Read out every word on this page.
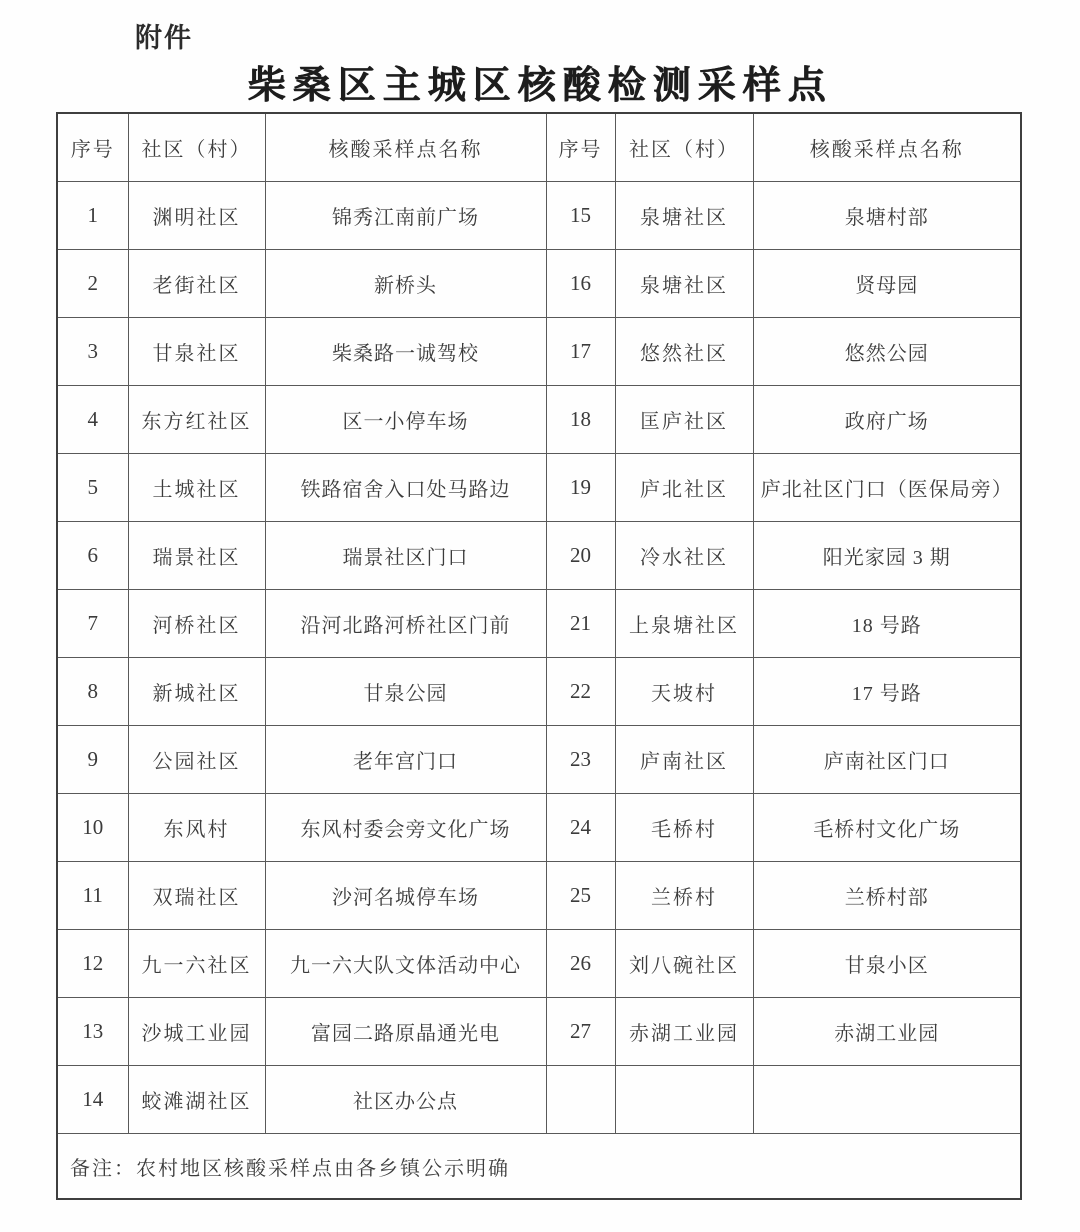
附件
柴桑区主城区核酸检测采样点
序号	社区（村）	核酸采样点名称	序号	社区（村）	核酸采样点名称
1	渊明社区	锦秀江南前广场	15	泉塘社区	泉塘村部
2	老街社区	新桥头	16	泉塘社区	贤母园
3	甘泉社区	柴桑路一诚驾校	17	悠然社区	悠然公园
4	东方红社区	区一小停车场	18	匡庐社区	政府广场
5	土城社区	铁路宿舍入口处马路边	19	庐北社区	庐北社区门口（医保局旁）
6	瑞景社区	瑞景社区门口	20	冷水社区	阳光家园 3 期
7	河桥社区	沿河北路河桥社区门前	21	上泉塘社区	18 号路
8	新城社区	甘泉公园	22	天坡村	17 号路
9	公园社区	老年宫门口	23	庐南社区	庐南社区门口
10	东风村	东风村委会旁文化广场	24	毛桥村	毛桥村文化广场
11	双瑞社区	沙河名城停车场	25	兰桥村	兰桥村部
12	九一六社区	九一六大队文体活动中心	26	刘八碗社区	甘泉小区
13	沙城工业园	富园二路原晶通光电	27	赤湖工业园	赤湖工业园
14	蛟滩湖社区	社区办公点			
备注：农村地区核酸采样点由各乡镇公示明确					
